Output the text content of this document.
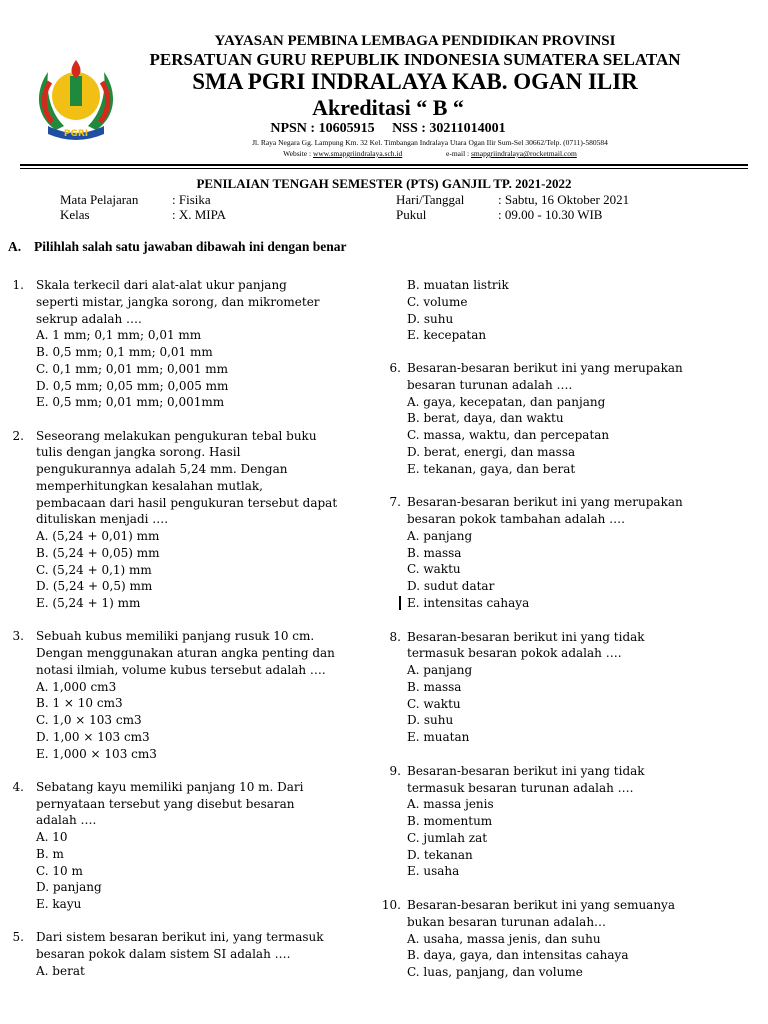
PGRI
YAYASAN PEMBINA LEMBAGA PENDIDIKAN PROVINSI
PERSATUAN GURU REPUBLIK INDONESIA SUMATERA SELATAN
SMA PGRI INDRALAYA KAB. OGAN ILIR
Akreditasi “ B “
NPSN : 10605915     NSS : 30211014001
Jl. Raya Negara Gg. Lampung Km. 32 Kel. Timbangan Indralaya Utara Ogan Ilir Sum-Sel 30662/Telp. (0711)-580584
Website : www.smapgriindralaya.sch.id	e-mail : smapgriindralaya@rocketmail.com
PENILAIAN TENGAH SEMESTER (PTS) GANJIL TP. 2021-2022
Mata Pelajaran	: Fisika
Kelas	: X. MIPA
Hari/Tanggal	: Sabtu, 16 Oktober 2021
Pukul	: 09.00 - 10.30 WIB
A. Pilihlah salah satu jawaban dibawah ini dengan benar
1. Skala terkecil dari alat-alat ukur panjang
seperti mistar, jangka sorong, dan mikrometer
sekrup adalah ….
A. 1 mm; 0,1 mm; 0,01 mm
B. 0,5 mm; 0,1 mm; 0,01 mm
C. 0,1 mm; 0,01 mm; 0,001 mm
D. 0,5 mm; 0,05 mm; 0,005 mm
E. 0,5 mm; 0,01 mm; 0,001mm
2. Seseorang melakukan pengukuran tebal buku
tulis dengan jangka sorong. Hasil
pengukurannya adalah 5,24 mm. Dengan
memperhitungkan kesalahan mutlak,
pembacaan dari hasil pengukuran tersebut dapat
dituliskan menjadi ….
A. (5,24 + 0,01) mm
B. (5,24 + 0,05) mm
C. (5,24 + 0,1) mm
D. (5,24 + 0,5) mm
E. (5,24 + 1) mm
3. Sebuah kubus memiliki panjang rusuk 10 cm.
Dengan menggunakan aturan angka penting dan
notasi ilmiah, volume kubus tersebut adalah ….
A. 1,000 cm3
B. 1 × 10 cm3
C. 1,0 × 103 cm3
D. 1,00 × 103 cm3
E. 1,000 × 103 cm3
4. Sebatang kayu memiliki panjang 10 m. Dari
pernyataan tersebut yang disebut besaran
adalah ….
A. 10
B. m
C. 10 m
D. panjang
E. kayu
5. Dari sistem besaran berikut ini, yang termasuk
besaran pokok dalam sistem SI adalah ….
A. berat
B. muatan listrik
C. volume
D. suhu
E. kecepatan
6. Besaran-besaran berikut ini yang merupakan
besaran turunan adalah ….
A. gaya, kecepatan, dan panjang
B. berat, daya, dan waktu
C. massa, waktu, dan percepatan
D. berat, energi, dan massa
E. tekanan, gaya, dan berat
7. Besaran-besaran berikut ini yang merupakan
besaran pokok tambahan adalah ….
A. panjang
B. massa
C. waktu
D. sudut datar
E. intensitas cahaya
8. Besaran-besaran berikut ini yang tidak
termasuk besaran pokok adalah ….
A. panjang
B. massa
C. waktu
D. suhu
E. muatan
9. Besaran-besaran berikut ini yang tidak
termasuk besaran turunan adalah ….
A. massa jenis
B. momentum
C. jumlah zat
D. tekanan
E. usaha
10. Besaran-besaran berikut ini yang semuanya
bukan besaran turunan adalah…
A. usaha, massa jenis, dan suhu
B. daya, gaya, dan intensitas cahaya
C. luas, panjang, dan volume
